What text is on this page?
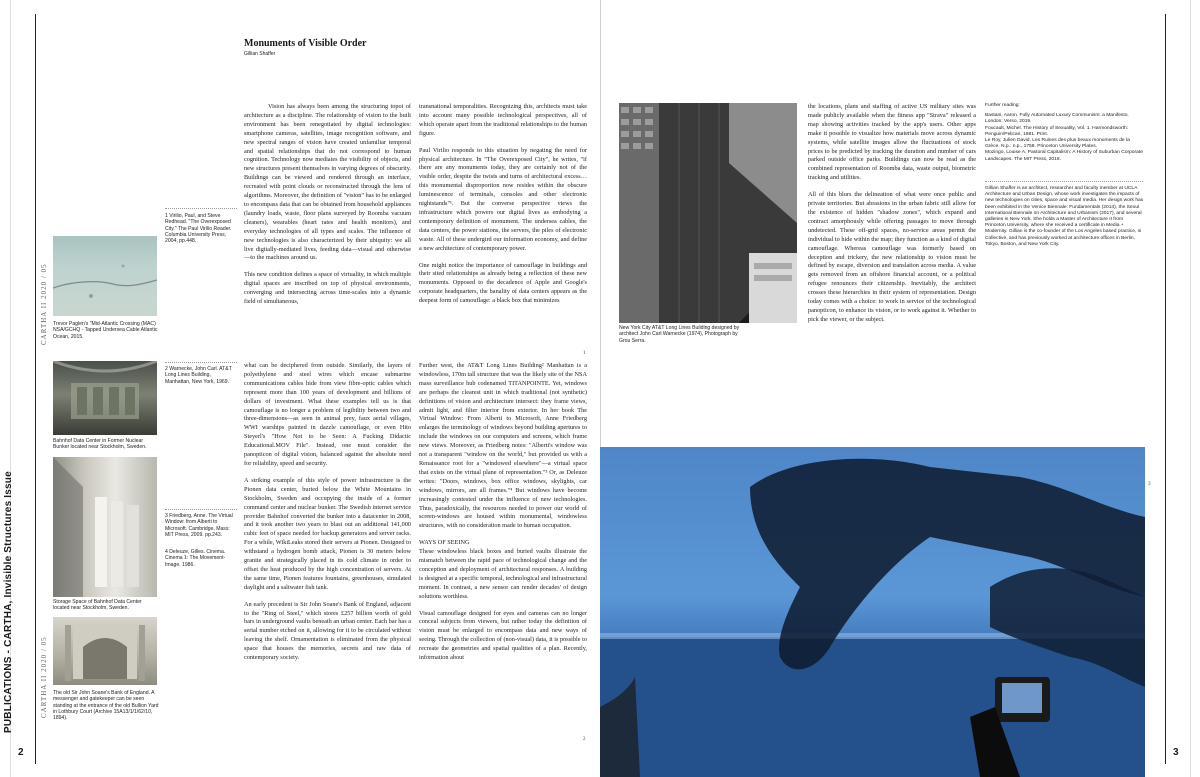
PUBLICATIONS - CARTHA, Invisible Structures Issue
CARTHA II 2020 / 05
CARTHA II 2020 / 05
2	3
Trevor Paglen's "Mid-Atlantic Crossing (MAC) NSA/GCHQ - Tapped Undersea Cable Atlantic Ocean, 2015.
Bahnhof Data Center in Former Nuclear Bunker located near Stockholm, Sweden.
Storage Space of Bahnhof Data Center located near Stockholm, Sweden.
The old Sir John Soane's Bank of England. A messenger and gatekeeper can be seen standing at the entrance of the old Bullion Yard in Lothbury Court (Archive 15A13/1/1/62/10, 1894).
1 Virilio, Paul, and Steve Redhead. "The Overexposed City." The Paul Virilio Reader. Columbia University Press, 2004, pp.448.
2 Warnecke, John Carl. AT&T Long Lines Building, Manhattan, New York, 1969.
3 Friedberg, Anne. The Virtual Window: from Alberti to Microsoft. Cambridge, Mass: MIT Press, 2009. pp.243.
4 Deleuze, Gilles. Cinema. Cinema 1: The Movement-Image. 1986.
Monuments of Visible Order
Gillian Shaffer

Vision has always been among the structuring topoi of architecture as a discipline. The relationship of vision to the built environment has been renegotiated by digital technologies: smartphone cameras, satellites, image recognition software, and new spectral ranges of vision have created unfamiliar temporal and spatial relationships that do not correspond to human cognition. Technology now mediates the visibility of objects, and new structures present themselves in varying degrees of obscurity. Buildings can be viewed and rendered through an interface, recreated with point clouds or reconstructed through the lens of algorithms. Moreover, the definition of "vision" has to be enlarged to encompass data that can be obtained from household appliances (laundry loads, waste, floor plans surveyed by Roomba vacuum cleaners), wearables (heart rates and health monitors), and everyday technologies of all types and scales. The influence of new technologies is also characterized by their ubiquity: we all live digitally-mediated lives, feeding data—visual and otherwise—to the machines around us.

This new condition defines a space of virtuality, in which multiple digital spaces are inscribed on top of physical environments, converging and intersecting across time-scales into a dynamic field of simultaneous,

transnational temporalities. Recognizing this, architects must take into account many possible technological perspectives, all of which operate apart from the traditional relationships to the human figure.

Paul Virilio responds to this situation by negating the need for physical architecture. In "The Overexposed City", he writes, "if there are any monuments today, they are certainly not of the visible order, despite the twists and turns of architectural excess… this monumental disproportion now resides within the obscure luminescence of terminals, consoles and other electronic nightstands"¹. But the converse perspective views the infrastructure which powers our digital lives as embodying a contemporary definition of monument. The undersea cables, the data centers, the power stations, the servers, the piles of electronic waste. All of these undergird our information economy, and define a new architecture of contemporary power.

One might notice the importance of camouflage in buildings and their sited relationships as already being a reflection of these new monuments. Opposed to the decadence of Apple and Google's corporate headquarters, the banality of data centers appears as the deepest form of camouflage: a black box that minimizes

1

what can be deciphered from outside. Similarly, the layers of polyethylene and steel wires which encase submarine communications cables hide from view fibre-optic cables which represent more than 100 years of development and billions of dollars of investment. What these examples tell us is that camouflage is no longer a problem of legibility between two and three-dimensions—as seen in animal prey, faux aerial villages, WWI warships painted in dazzle camouflage, or even Hito Steyerl's "How Not to be Seen: A Fucking Didactic Educational.MOV File". Instead, one must consider the panopticon of digital vision, balanced against the absolute need for reliability, speed and security.

A striking example of this style of power infrastructure is the Pionen data center, buried below the White Mountains in Stockholm, Sweden and occupying the inside of a former command center and nuclear bunker. The Swedish internet service provider Bahnhof converted the bunker into a datacenter in 2008, and it took another two years to blast out an additional 141,000 cubic feet of space needed for backup generators and server racks. For a while, WikiLeaks stored their servers at Pionen. Designed to withstand a hydrogen bomb attack, Pionen is 30 meters below granite and strategically placed in its cold climate in order to offset the heat produced by the high concentration of servers. At the same time, Pionen features fountains, greenhouses, simulated daylight and a saltwater fish tank.

An early precedent is Sir John Soane's Bank of England, adjacent to the "Ring of Steel," which stores £257 billion worth of gold bars in underground vaults beneath an urban center. Each bar has a serial number etched on it, allowing for it to be circulated without leaving the shelf. Ornamentation is eliminated from the physical space that houses the memories, secrets and raw data of contemporary society.

Further west, the AT&T Long Lines Building² Manhattan is a windowless, 170m tall structure that was the likely site of the NSA mass surveillance hub codenamed TITANPOINTE. Yet, windows are perhaps the clearest unit in which traditional (not synthetic) definitions of vision and architecture intersect: they frame views, admit light, and filter interior from exterior. In her book The Virtual Window: From Alberti to Microsoft, Anne Friedberg enlarges the terminology of windows beyond building apertures to include the windows on our computers and screens, which frame new views. Moreover, as Friedberg notes: "Alberti's window was not a transparent "window on the world," but provided us with a Renaissance root for a "windowed elsewhere"—a virtual space that exists on the virtual plane of representation."³ Or, as Deleuze writes: "Doors, windows, box office windows, skylights, car windows, mirrors, are all frames."⁴ But windows have become increasingly contested under the influence of new technologies. Thus, paradoxically, the resources needed to power our world of screen-windows are housed within monumental, windowless structures, with no consideration made to human occupation.

WAYS OF SEEING

These windowless black boxes and buried vaults illustrate the mismatch between the rapid pace of technological change and the conception and deployment of architectural responses. A building is designed at a specific temporal, technological and infrastructural moment. In contrast, a new sensor can render decades' of design solutions worthless.

Visual camouflage designed for eyes and cameras can no longer conceal subjects from viewers, but rather today the definition of vision must be enlarged to encompass data and new ways of seeing. Through the collection of (non-visual) data, it is possible to recreate the geometries and spatial qualities of a plan. Recently, information about

2
New York City AT&T Long Lines Building designed by architect John Carl Warnecke (1974), Photograph by Grou Serra.

the locations, plans and staffing of active US military sites was made publicly available when the fitness app "Strava" released a map showing activities tracked by the app's users. Other apps make it possible to visualize how materials move across dynamic systems, while satellite images allow the fluctuations of stock prices to be predicted by tracking the duration and number of cars parked outside office parks. Buildings can now be read as the combined representation of Roomba data, waste output, biometric tracking and utilities.

All of this blurs the delineation of what were once public and private territories. But abrasions in the urban fabric still allow for the existence of hidden "shadow zones", which expand and contract amorphously while offering passages to move through undetected. These off-grid spaces, no-service areas permit the individual to hide within the map; they function as a kind of digital camouflage. Whereas camouflage was formerly based on deception and trickery, the new relationship to vision must be defined by escape, diversion and translation across media. A value gets removed from an offshore financial account, or a political refugee renounces their citizenship. Inevitably, the architect crosses these hierarchies in their system of representation. Design today comes with a choice: to work in service of the technological panopticon, to enhance its vision, or to work against it. Whether to pick the viewer, or the subject.

Further reading:
Bastani, Aaron. Fully Automated Luxury Communism: a Manifesto. London: Verso, 2019.
Foucault, Michel. The History of Sexuality, Vol. 1. Harmondsworth: Penguin/Pelican, 1981. Print.
Le Roy, Julien David. Les Ruines des plus beaux monuments de la Grèce. N.p.: n.p., 1758. Princeton University Plates.
Mozingo, Louise A. Pastoral Capitalism: A History of Suburban Corporate Landscapes. The MIT Press, 2016.
Gillian Shaffer is an architect, researcher and faculty member at UCLA Architecture and Urban Design, whose work investigates the impacts of new technologies on cities, space and visual media. Her design work has been exhibited in the Venice Biennale: Fundamentals (2014), the Seoul International Biennale on Architecture and Urbanism (2017), and several galleries in New York. She holds a Master of Architecture II from Princeton University, where she received a certificate in Media + Modernity. Gillian is the co-founder of the Los Angeles based practice, si Collective, and has previously worked at architecture offices in Berlin, Tokyo, Boston, and New York City.
3
